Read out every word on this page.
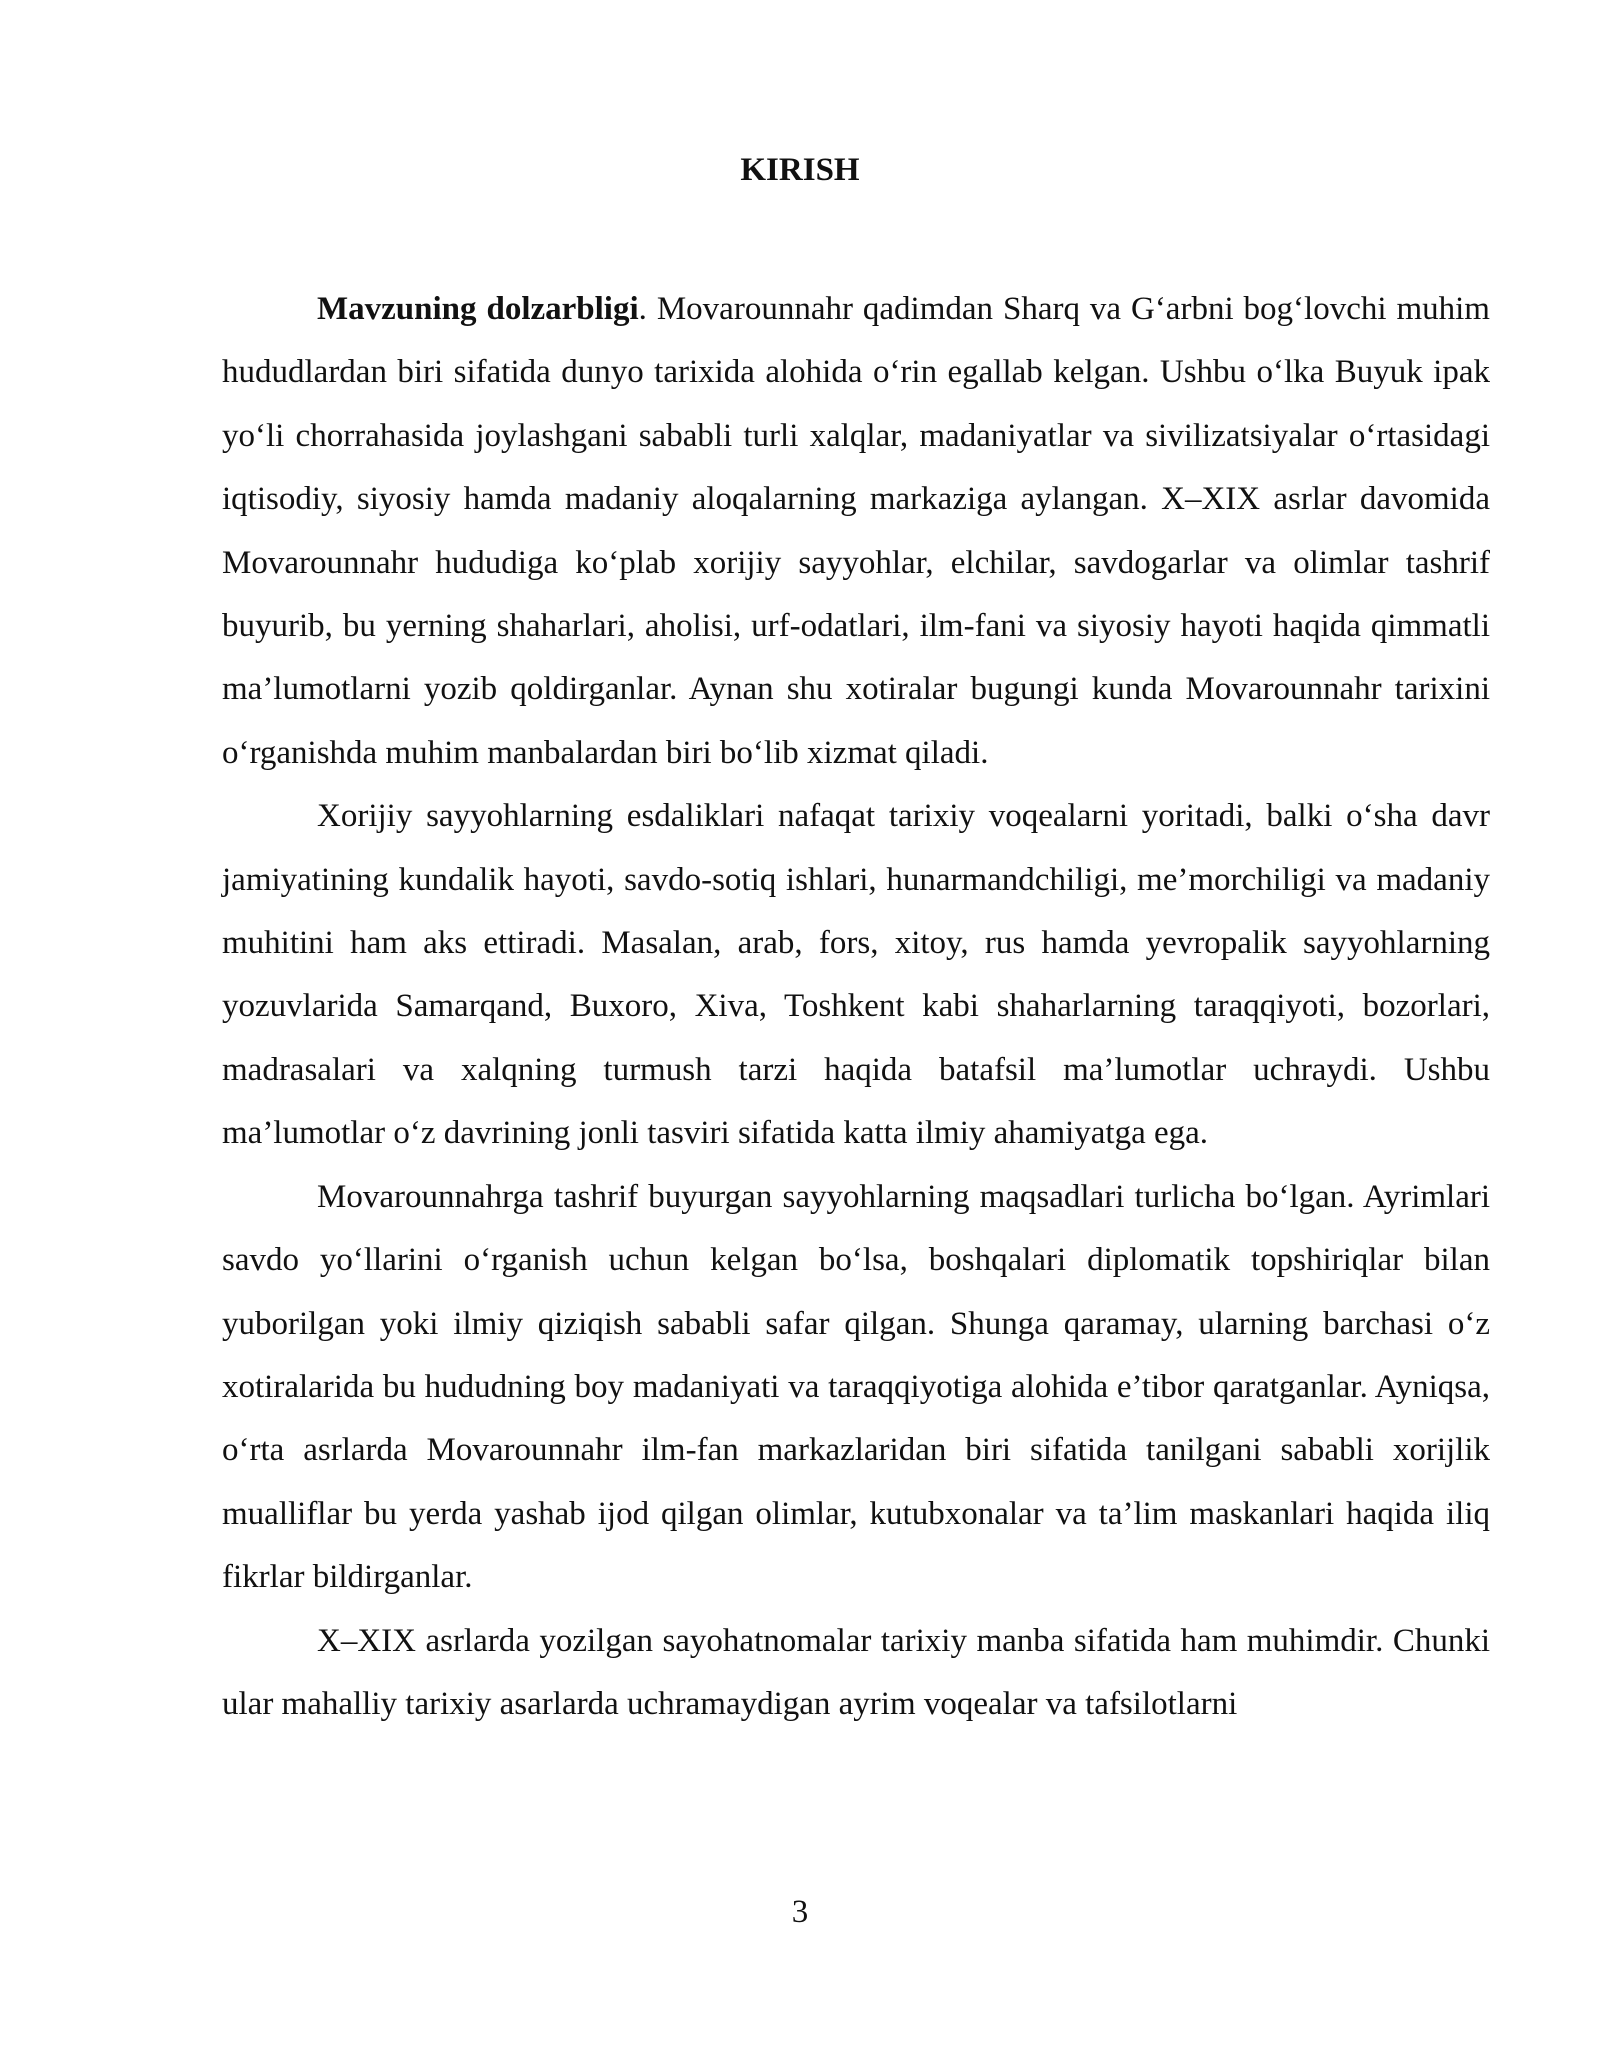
KIRISH

Mavzuning dolzarbligi. Movarounnahr qadimdan Sharq va G‘arbni bog‘lovchi muhim hududlardan biri sifatida dunyo tarixida alohida o‘rin egallab kelgan. Ushbu o‘lka Buyuk ipak yo‘li chorrahasida joylashgani sababli turli xalqlar, madaniyatlar va sivilizatsiyalar o‘rtasidagi iqtisodiy, siyosiy hamda madaniy aloqalarning markaziga aylangan. X–XIX asrlar davomida Movarounnahr hududiga ko‘plab xorijiy sayyohlar, elchilar, savdogarlar va olimlar tashrif buyurib, bu yerning shaharlari, aholisi, urf-odatlari, ilm-fani va siyosiy hayoti haqida qimmatli ma’lumotlarni yozib qoldirganlar. Aynan shu xotiralar bugungi kunda Movarounnahr tarixini o‘rganishda muhim manbalardan biri bo‘lib xizmat qiladi.

Xorijiy sayyohlarning esdaliklari nafaqat tarixiy voqealarni yoritadi, balki o‘sha davr jamiyatining kundalik hayoti, savdo-sotiq ishlari, hunarmandchiligi, me’morchiligi va madaniy muhitini ham aks ettiradi. Masalan, arab, fors, xitoy, rus hamda yevropalik sayyohlarning yozuvlarida Samarqand, Buxoro, Xiva, Toshkent kabi shaharlarning taraqqiyoti, bozorlari, madrasalari va xalqning turmush tarzi haqida batafsil ma’lumotlar uchraydi. Ushbu ma’lumotlar o‘z davrining jonli tasviri sifatida katta ilmiy ahamiyatga ega.

Movarounnahrga tashrif buyurgan sayyohlarning maqsadlari turlicha bo‘lgan. Ayrimlari savdo yo‘llarini o‘rganish uchun kelgan bo‘lsa, boshqalari diplomatik topshiriqlar bilan yuborilgan yoki ilmiy qiziqish sababli safar qilgan. Shunga qaramay, ularning barchasi o‘z xotiralarida bu hududning boy madaniyati va taraqqiyotiga alohida e’tibor qaratganlar. Ayniqsa, o‘rta asrlarda Movarounnahr ilm-fan markazlaridan biri sifatida tanilgani sababli xorijlik mualliflar bu yerda yashab ijod qilgan olimlar, kutubxonalar va ta’lim maskanlari haqida iliq fikrlar bildirganlar.

X–XIX asrlarda yozilgan sayohatnomalar tarixiy manba sifatida ham muhimdir. Chunki ular mahalliy tarixiy asarlarda uchramaydigan ayrim voqealar va tafsilotlarni

3
